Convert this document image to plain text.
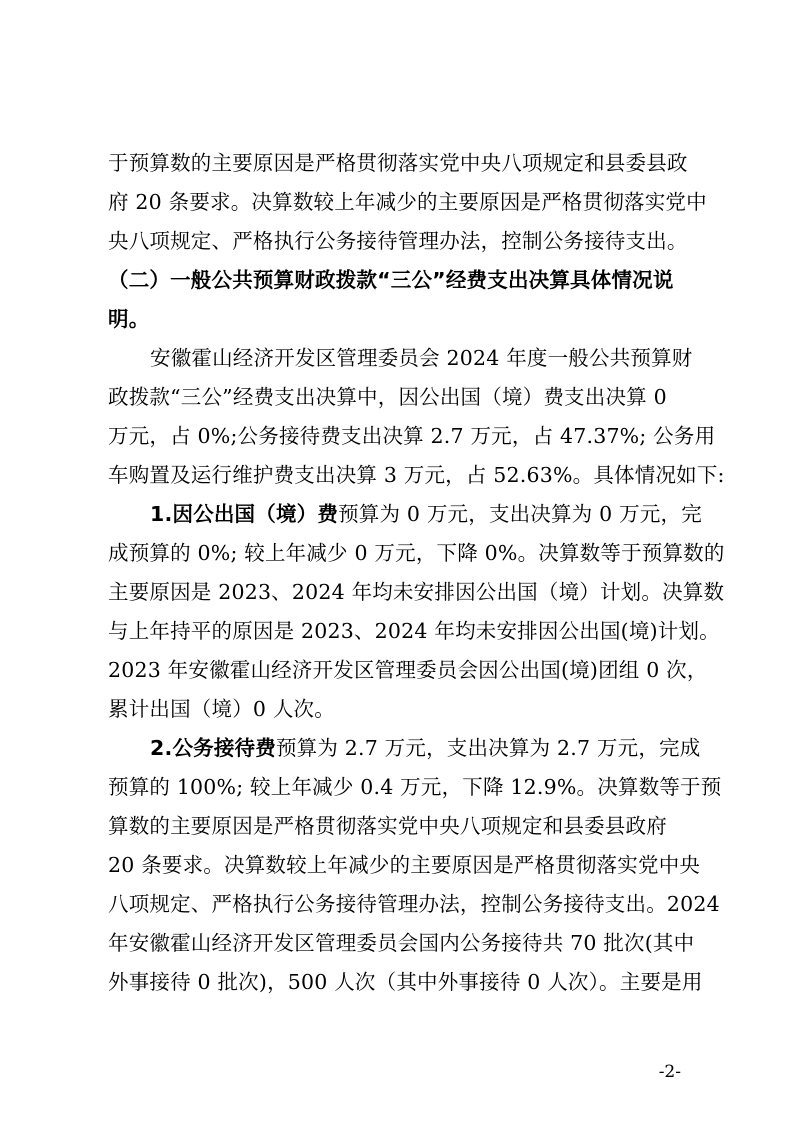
于预算数的主要原因是严格贯彻落实党中央八项规定和县委县政
府 20 条要求。决算数较上年减少的主要原因是严格贯彻落实党中
央八项规定、严格执行公务接待管理办法，控制公务接待支出。
（二）一般公共预算财政拨款“三公”经费支出决算具体情况说
明。
安徽霍山经济开发区管理委员会 2024 年度一般公共预算财
政拨款“三公”经费支出决算中，因公出国（境）费支出决算 0
万元，占 0%;公务接待费支出决算 2.7 万元，占 47.37%; 公务用
车购置及运行维护费支出决算 3 万元，占 52.63%。具体情况如下:
1.因公出国（境）费预算为 0 万元，支出决算为 0 万元，完
成预算的 0%; 较上年减少 0 万元，下降 0%。决算数等于预算数的
主要原因是 2023、2024 年均未安排因公出国（境）计划。决算数
与上年持平的原因是 2023、2024 年均未安排因公出国(境)计划。
2023 年安徽霍山经济开发区管理委员会因公出国(境)团组 0 次，
累计出国（境）0 人次。
2.公务接待费预算为 2.7 万元，支出决算为 2.7 万元，完成
预算的 100%; 较上年减少 0.4 万元，下降 12.9%。决算数等于预
算数的主要原因是严格贯彻落实党中央八项规定和县委县政府
20 条要求。决算数较上年减少的主要原因是严格贯彻落实党中央
八项规定、严格执行公务接待管理办法，控制公务接待支出。2024
年安徽霍山经济开发区管理委员会国内公务接待共 70 批次(其中
外事接待 0 批次)，500 人次（其中外事接待 0 人次）。主要是用
-2-
